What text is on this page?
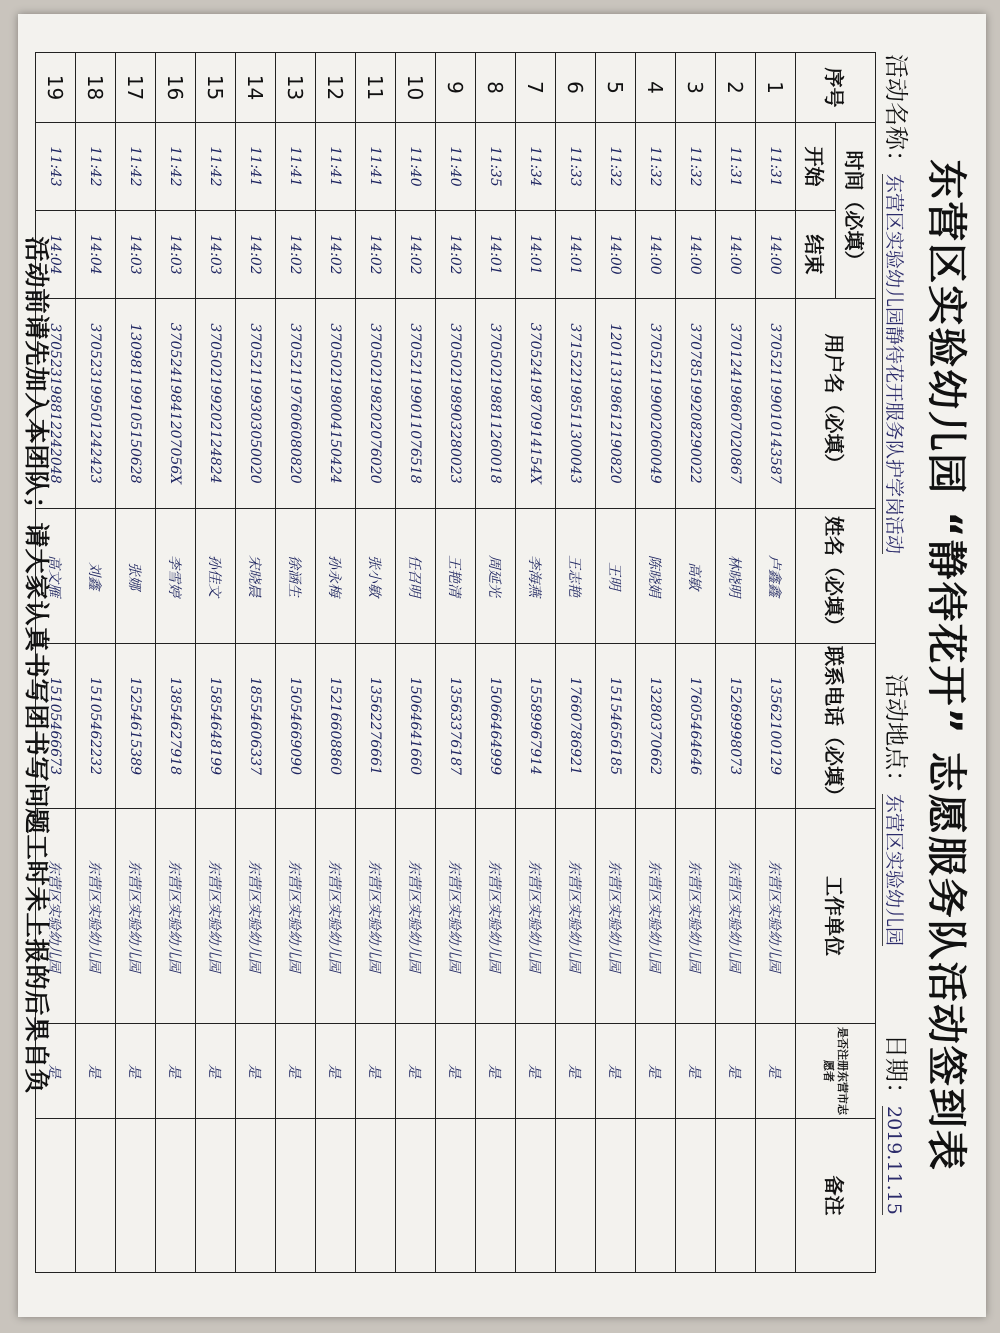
东营区实验幼儿园 “静待花开” 志愿服务队活动签到表
活动名称：东营区实验幼儿园静待花开服务队护学岗活动
活动地点：东营区实验幼儿园
日期：2019.11.15
序号	时间（必填）		用户名（必填）	姓名（必填）	联系电话（必填）	工作单位	是否注册东营市志愿者	备注
	开始	结束						
1	11:31	14:00	370521199010143587	卢鑫鑫	13562100129	东营区实验幼儿园	是	
2	11:31	14:00	370124198607020867	林晓明	15269998073	东营区实验幼儿园	是	
3	11:32	14:00	370785199208290022	高敏	17605464646	东营区实验幼儿园	是	
4	11:32	14:00	370521199002060049	陈晓娟	13280370662	东营区实验幼儿园	是	
5	11:32	14:00	120113198612190820	王明	15154656185	东营区实验幼儿园	是	
6	11:33	14:01	371522198511300043	王志艳	17660786921	东营区实验幼儿园	是	
7	11:34	14:01	37052419870914154X	李海燕	15589967914	东营区实验幼儿园	是	
8	11:35	14:01	370502198811260018	周延光	15066464999	东营区实验幼儿园	是	
9	11:40	14:02	370502198903280023	王艳清	13563376187	东营区实验幼儿园	是	
10	11:40	14:02	370521199011076518	任召明	15064641660	东营区实验幼儿园	是	
11	11:41	14:02	370502198202076020	张小敏	13562276661	东营区实验幼儿园	是	
12	11:41	14:02	370502198004150424	孙永梅	15216608860	东营区实验幼儿园	是	
13	11:41	14:02	370521197606080820	徐涵生	15054669090	东营区实验幼儿园	是	
14	11:41	14:02	370521199303050020	宋晓晨	18554606337	东营区实验幼儿园	是	
15	11:42	14:03	370502199202124824	孙佳文	15854648199	东营区实验幼儿园	是	
16	11:42	14:03	37052419841207056X	李雪婷	13854627918	东营区实验幼儿园	是	
17	11:42	14:03	130981199105150628	张娜	15254615389	东营区实验幼儿园	是	
18	11:42	14:04	370523199501242423	刘鑫	15105462232	东营区实验幼儿园	是	
19	11:43	14:04	370523198812242048	高文雁	15105466673	东营区实验幼儿园	是	
活动前请先加入本团队；请大家认真书写团书写问题工时未上报的后果自负
